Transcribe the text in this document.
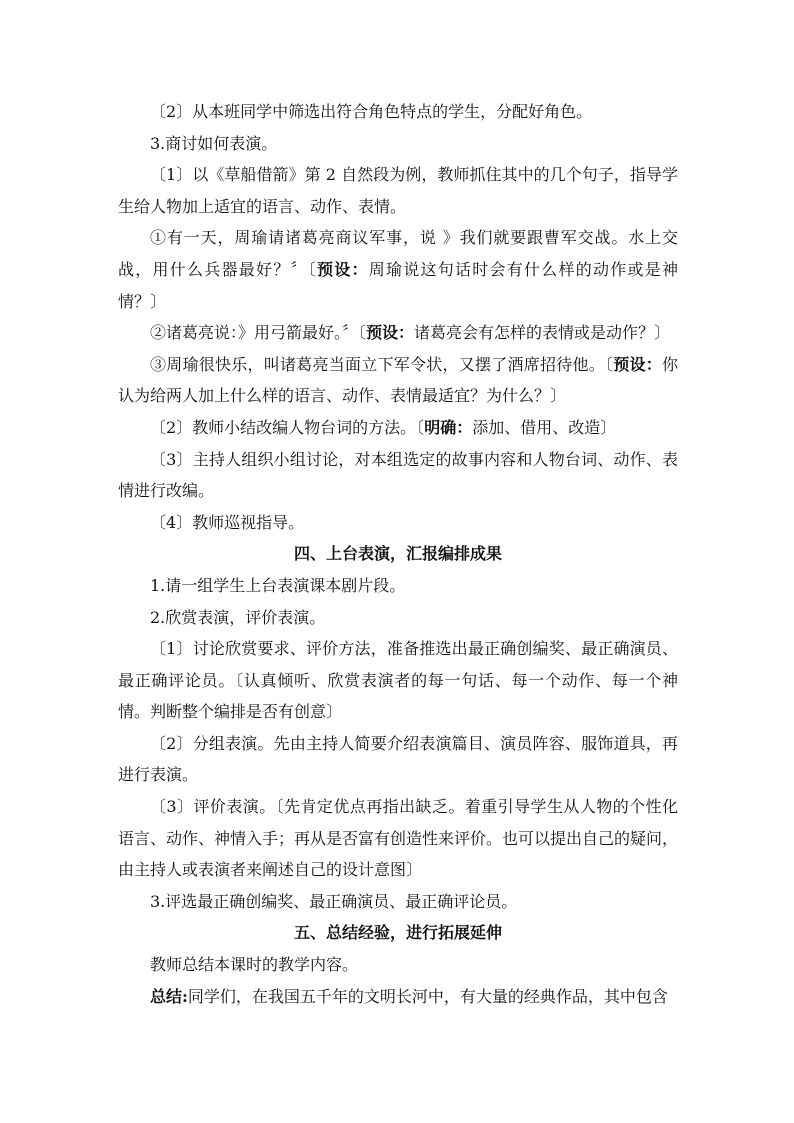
〔2〕从本班同学中筛选出符合角色特点的学生，分配好角色。

3.商讨如何表演。

〔1〕以《草船借箭》第 2 自然段为例，教师抓住其中的几个句子，指导学生给人物加上适宜的语言、动作、表情。

①有一天，周瑜请诸葛亮商议军事，说 》我们就要跟曹军交战。水上交战，用什么兵器最好？〞〔预设：周瑜说这句话时会有什么样的动作或是神情？〕

②诸葛亮说：》用弓箭最好。〞〔预设：诸葛亮会有怎样的表情或是动作？〕

③周瑜很快乐，叫诸葛亮当面立下军令状，又摆了酒席招待他。〔预设：你认为给两人加上什么样的语言、动作、表情最适宜？为什么？〕

〔2〕教师小结改编人物台词的方法。〔明确：添加、借用、改造〕

〔3〕主持人组织小组讨论，对本组选定的故事内容和人物台词、动作、表情进行改编。

〔4〕教师巡视指导。

四、上台表演，汇报编排成果

1.请一组学生上台表演课本剧片段。

2.欣赏表演，评价表演。

〔1〕讨论欣赏要求、评价方法，准备推选出最正确创编奖、最正确演员、最正确评论员。〔认真倾听、欣赏表演者的每一句话、每一个动作、每一个神情。判断整个编排是否有创意〕

〔2〕分组表演。先由主持人简要介绍表演篇目、演员阵容、服饰道具，再进行表演。

〔3〕评价表演。〔先肯定优点再指出缺乏。着重引导学生从人物的个性化语言、动作、神情入手；再从是否富有创造性来评价。也可以提出自己的疑问，由主持人或表演者来阐述自己的设计意图〕

3.评选最正确创编奖、最正确演员、最正确评论员。

五、总结经验，进行拓展延伸

教师总结本课时的教学内容。

总结:同学们，在我国五千年的文明长河中，有大量的经典作品，其中包含
